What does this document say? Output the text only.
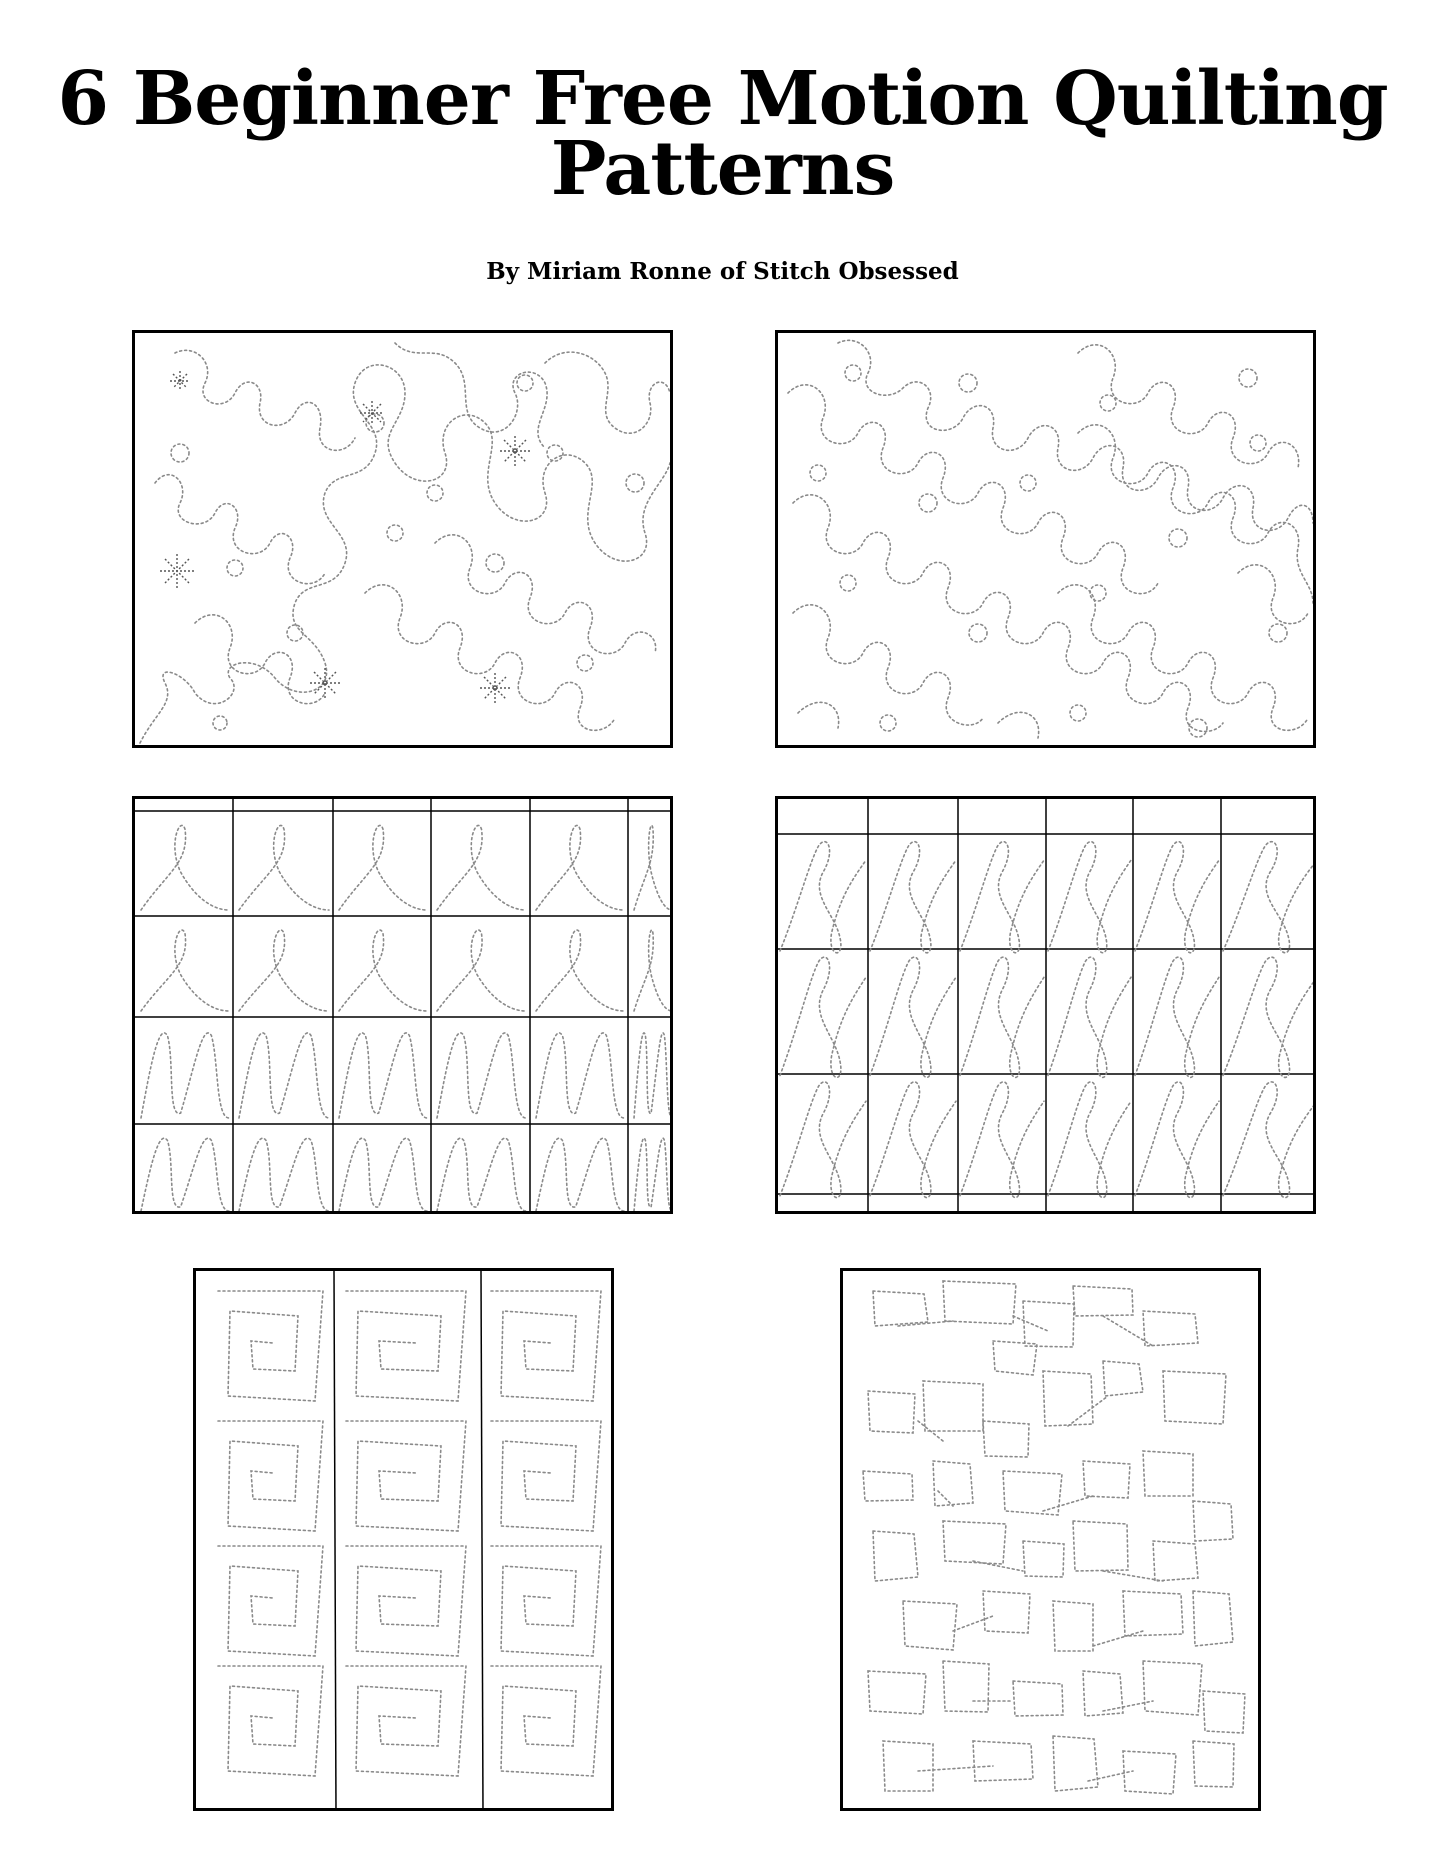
6 Beginner Free Motion Quilting
Patterns
By Miriam Ronne of Stitch Obsessed
